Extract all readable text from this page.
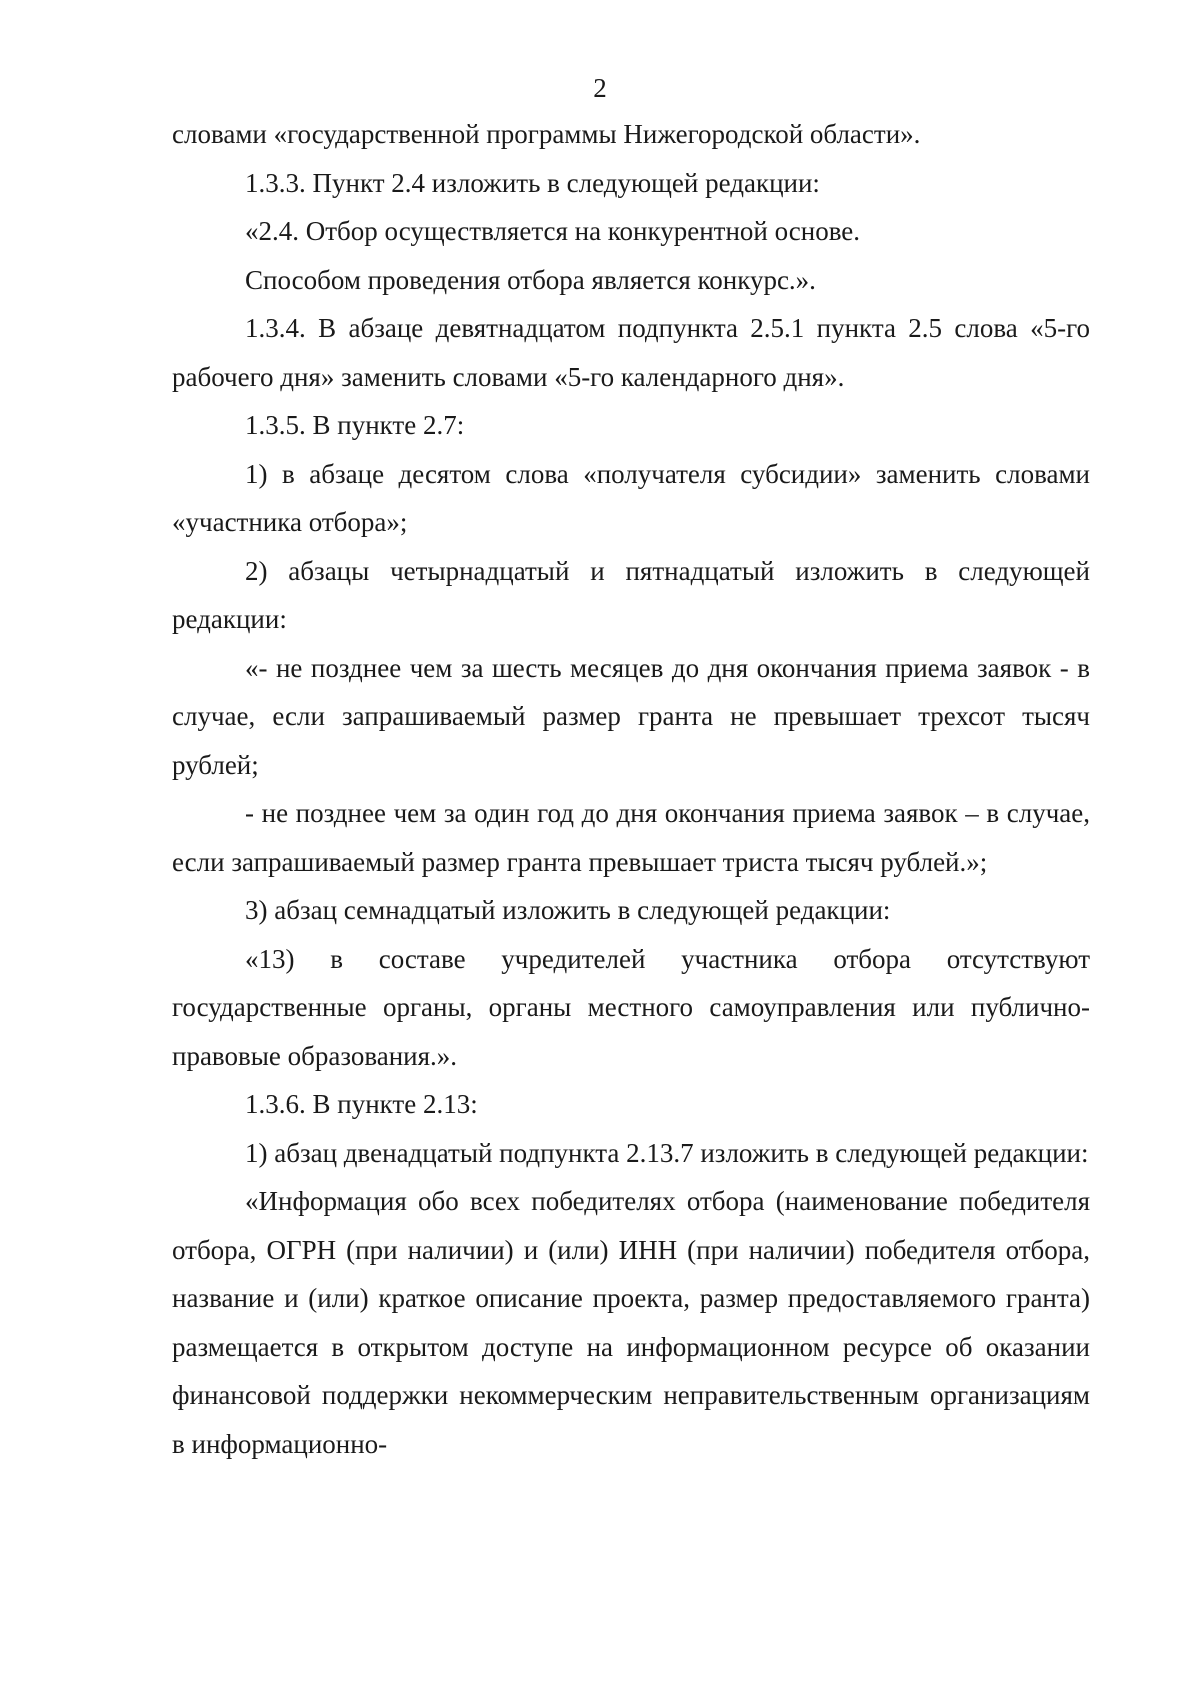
2

словами «государственной программы Нижегородской области».

1.3.3. Пункт 2.4 изложить в следующей редакции:

«2.4. Отбор осуществляется на конкурентной основе.

Способом проведения отбора является конкурс.».

1.3.4. В абзаце девятнадцатом подпункта 2.5.1 пункта 2.5 слова «5-го рабочего дня» заменить словами «5-го календарного дня».

1.3.5. В пункте 2.7:

1) в абзаце десятом слова «получателя субсидии» заменить словами «участника отбора»;

2) абзацы четырнадцатый и пятнадцатый изложить в следующей редакции:

«- не позднее чем за шесть месяцев до дня окончания приема заявок - в случае, если запрашиваемый размер гранта не превышает трехсот тысяч рублей;

- не позднее чем за один год до дня окончания приема заявок – в случае, если запрашиваемый размер гранта превышает триста тысяч рублей.»;

3) абзац семнадцатый изложить в следующей редакции:

«13) в составе учредителей участника отбора отсутствуют государственные органы, органы местного самоуправления или публично-правовые образования.».

1.3.6. В пункте 2.13:

1) абзац двенадцатый подпункта 2.13.7 изложить в следующей редакции:

«Информация обо всех победителях отбора (наименование победителя отбора, ОГРН (при наличии) и (или) ИНН (при наличии) победителя отбора, название и (или) краткое описание проекта, размер предоставляемого гранта) размещается в открытом доступе на информационном ресурсе об оказании финансовой поддержки некоммерческим неправительственным организациям в информационно-
